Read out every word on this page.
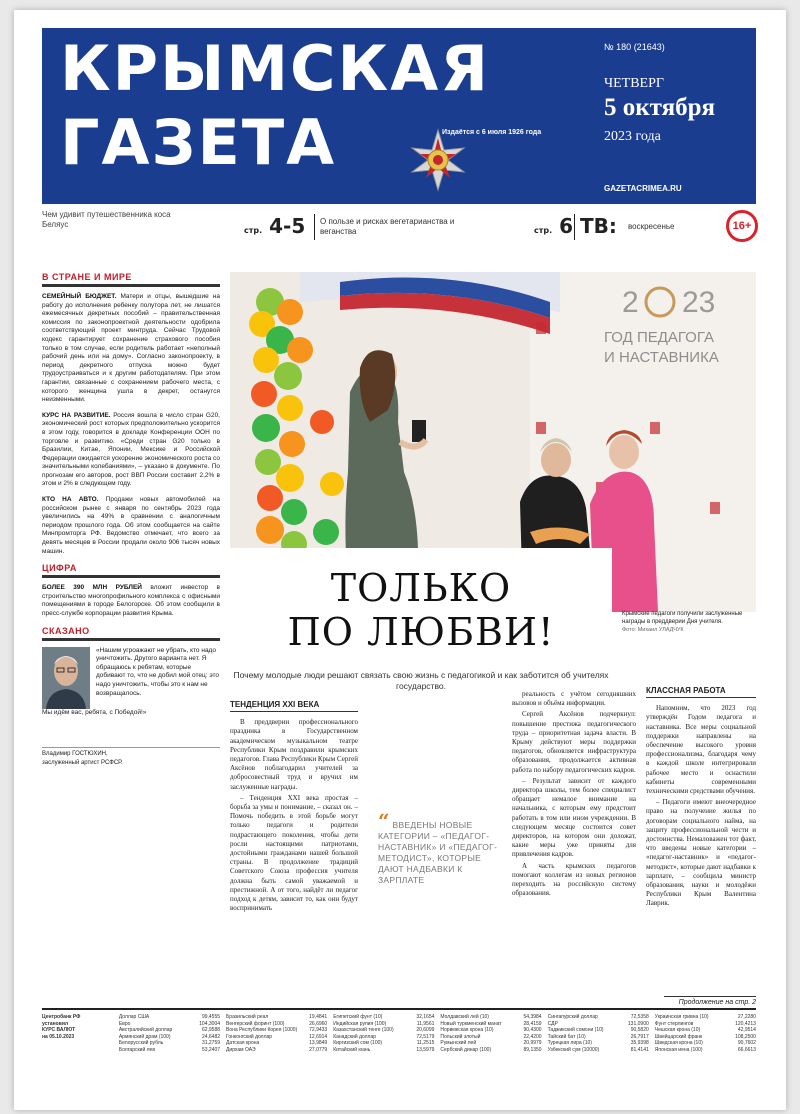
КРЫМСКАЯ
ГАЗЕТА	Издаётся с 6 июля 1926 года
№ 180 (21643)
ЧЕТВЕРГ
5 октября
2023 года
GAZETACRIMEA.RU
Чем удивит путешественника коса Беляус
стр. 4-5 О пользе и рисках вегетарианства и веганства	стр. 6 ТВ: воскресенье	16+
В СТРАНЕ И МИРЕ

СЕМЕЙНЫЙ БЮДЖЕТ. Матери и отцы, вышедшие на работу до исполнения ребенку полутора лет, не лишатся ежемесячных декретных пособий – правительственная комиссия по законопроектной деятельности одобрила соответствующий проект минтруда. Сейчас Трудовой кодекс гарантирует сохранение страхового пособия только в том случае, если родитель работает «неполный рабочий день или на дому». Согласно законопроекту, в период декретного отпуска можно будет трудоустраиваться и к другим работодателям. При этом гарантии, связанные с сохранением рабочего места, с которого женщина ушла в декрет, останутся неизменными.

КУРС НА РАЗВИТИЕ. Россия вошла в число стран G20, экономический рост которых предположительно ускорится в этом году, говорится в докладе Конференции ООН по торговле и развитию. «Среди стран G20 только в Бразилии, Китае, Японии, Мексике и Российской Федерации ожидается ускорение экономического роста со значительными колебаниями», – указано в документе. По прогнозам его авторов, рост ВВП России составит 2,2% в этом и 2% в следующем году.

КТО НА АВТО. Продажи новых автомобилей на российском рынке с января по сентябрь 2023 года увеличились на 49% в сравнении с аналогичным периодом прошлого года. Об этом сообщается на сайте Минпромторга РФ. Ведомство отмечает, что всего за девять месяцев в России продали около 906 тысяч новых машин.

ЦИФРА

БОЛЕЕ 390 МЛН РУБЛЕЙ вложит инвестор в строительство многопрофильного комплекса с офисными помещениями в городе Белогорске. Об этом сообщили в пресс-службе корпорации развития Крыма.

СКАЗАНО
«Нашим угроажают не убрать, кто надо уничтожить. Другого варианта нет. Я обращаюсь к ребятам, которые добивают то, что не добил мой отец: это надо уничтожить, чтобы это к нам не возвращалось.
Мы идём вас, ребята, с Победой!»
Владимир ГОСТЮХИН,
заслуженный артист РСФСР.
2 23
ГОД ПЕДАГОГА
И НАСТАВНИКА
ТОЛЬКО
ПО ЛЮБВИ!	Крымские педагоги получили заслуженные награды в преддверии Дня учителя.
Фото: Михаил УЛАДЧУК
Почему молодые люди решают связать свою жизнь с педагогикой и как заботится об учителях государство.
ТЕНДЕНЦИЯ XXI ВЕКА

В преддверии профессионального праздника в Государственном академическом музыкальном театре Республики Крым поздравили крымских педагогов. Глава Республики Крым Сергей Аксёнов поблагодарил учителей за добросовестный труд и вручил им заслуженные награды.

– Тенденция XXI века простая – борьба за умы и понимание, – сказал он. – Помочь победить в этой борьбе могут только педагоги и родители подрастающего поколения, чтобы дети росли настоящими патриотами, достойными гражданами нашей большой страны. В продолжение традиций Советского Союза профессия учителя должна быть самой уважаемой и престижной. А от того, найдёт ли педагог подход к детям, зависит то, как они будут воспринимать

“ ВВЕДЕНЫ НОВЫЕ КАТЕГОРИИ – «ПЕДАГОГ-НАСТАВНИК» И «ПЕДАГОГ-МЕТОДИСТ», КОТОРЫЕ ДАЮТ НАДБАВКИ К ЗАРПЛАТЕ

реальность с учётом сегодняшних вызовов и объёма информации.

Сергей Аксёнов подчеркнул: повышение престижа педагогического труда – приоритетная задача власти. В Крыму действуют меры поддержки педагогов, обновляется инфраструктура образования, продолжается активная работа по набору педагогических кадров.

– Результат зависит от каждого директора школы, тем более специалист обращает немалое внимание на начальника, с которым ему предстоит работать в том или ином учреждении. В следующем месяце состоится совет директоров, на котором они доложат, какие меры уже приняты для привлечения кадров.

А часть крымских педагогов помогают коллегам из новых регионов переходить на российскую систему образования.

КЛАССНАЯ РАБОТА

Напомним, что 2023 год утверждён Годом педагога и наставника. Все меры социальной поддержки направлены на обеспечение высокого уровня профессионализма, благодаря чему в каждой школе интегрировали рабочее место и оснастили кабинеты современными техническими средствами обучения.

– Педагоги имеют внеочередное право на получение жилья по договорам социального найма, на защиту профессиональной чести и достоинства. Немаловажен тот факт, что введены новые категории – «педагог-наставник» и «педагог-методист», которые дают надбавки к зарплате, – сообщила министр образования, науки и молодёжи Республики Крым Валентина Лаврик.

Продолжение на стр. 2
Центробанк РФ
установил
КУРС ВАЛЮТ
на 05.10.2023
Доллар США	99,4555
Евро	104,3004
Австралийский доллар	62,9588
Армянский драм (100)	24,6482
Белорусский рубль	31,2759
Болгарский лев	53,2407
Бразильский реал	19,4841
Венгерский форинт (100)	26,6960
Вона Республики Корея (1000) 72,9433
Гонконгский доллар	12,6914
Датская крона	13,9849
Дирхам ОАЭ	27,0779
Египетский фунт (10)	32,1654
Индийская рупия (100)	11,9561
Казахстанский тенге (100)	20,6099
Канадский доллар	72,5179
Киргизский сом (100)	11,2515
Китайский юань	13,5979
Молдавский лей (10)	54,3984
Новый туркменский манат	28,4159
Норвежская крона (10)	90,4300
Польский злотый	22,4200
Румынский лей	20,9979
Сербский динар (100)	89,1350
Сингапурский доллар	72,5358
СДР	131,0900
Таджикский сомони (10)	90,5820
Тайский бат (10)	26,7917
Турецкая лира (10)	35,9398
Узбекский сум (10000)	81,4141
Украинская гривна (10)	27,2280
Фунт стерлингов	120,4213
Чешская крона (10)	42,9514
Швейцарский франк	108,2500
Шведская крона (10)	90,7602
Японская иена (100)	66,6613
